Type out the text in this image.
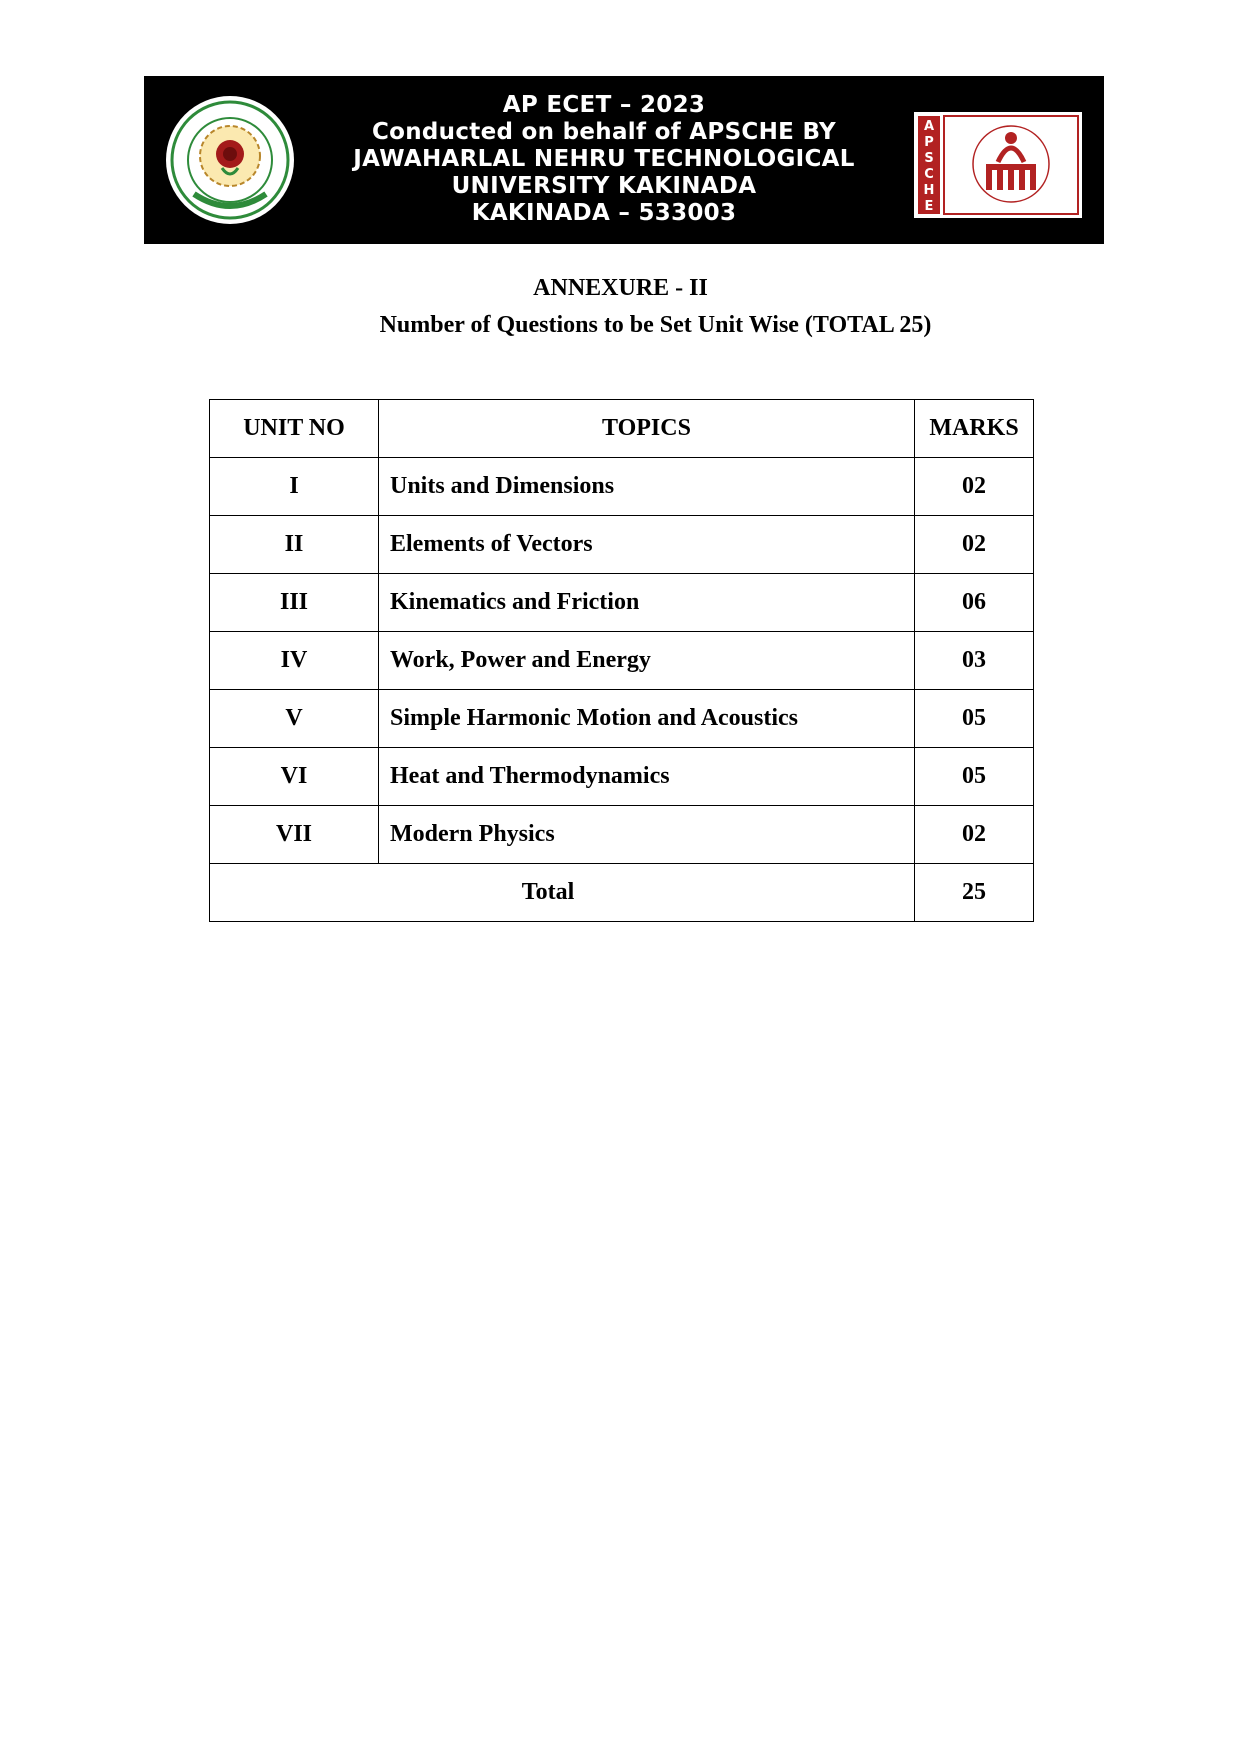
AP ECET – 2023
Conducted on behalf of APSCHE BY
JAWAHARLAL NEHRU TECHNOLOGICAL
UNIVERSITY KAKINADA
KAKINADA – 533003
A
P
S
C
H
E
ANNEXURE - II
Number of Questions to be Set Unit Wise (TOTAL 25)
UNIT NO	TOPICS	MARKS
I	Units and Dimensions	02
II	Elements of Vectors	02
III	Kinematics and Friction	06
IV	Work, Power and Energy	03
V	Simple Harmonic Motion and Acoustics	05
VI	Heat and Thermodynamics	05
VII	Modern Physics	02
Total		25
